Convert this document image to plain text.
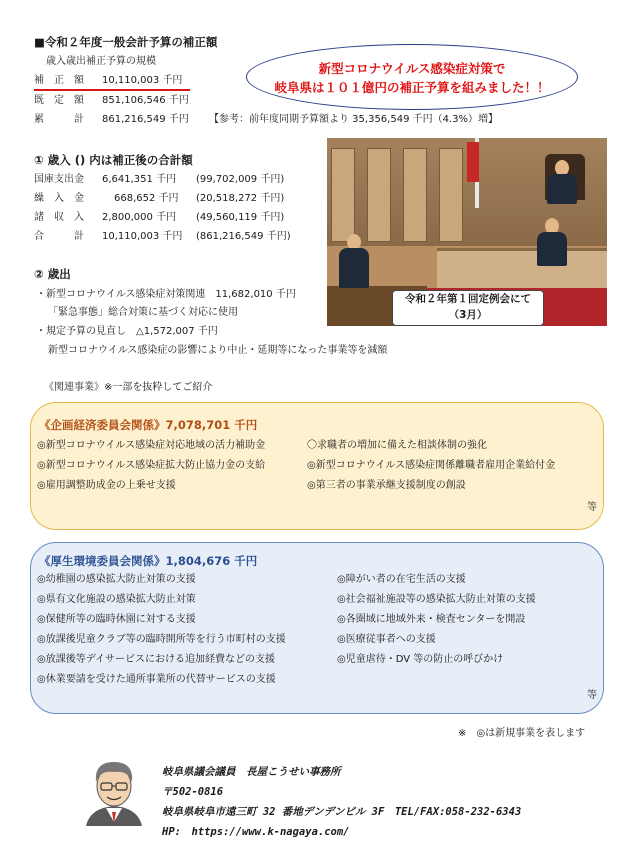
■令和２年度一般会計予算の補正額
歳入歳出補正予算の規模
補　正　額 10,110,003 千円
既　定　額 851,106,546 千円
累　　　計 861,216,549 千円 【参考：前年度同期予算額より 35,356,549 千円（4.3%）増】
新型コロナウイルス感染症対策で
岐阜県は１０１億円の補正予算を組みました！！
① 歳入 () 内は補正後の合計額
国庫支出金 6,641,351 千円 (99,702,009 千円)
繰　入　金	668,652 千円 (20,518,272 千円)
諸　収　入 2,800,000 千円 (49,560,119 千円)
合　　　計 10,110,003 千円 (861,216,549 千円)
② 歳出
・新型コロナウイルス感染症対策関連　11,682,010 千円
「緊急事態」総合対策に基づく対応に使用
・規定予算の見直し　△1,572,007 千円
新型コロナウイルス感染症の影響により中止・延期等になった事業等を減額
令和２年第１回定例会にて
（3月）
《関連事業》※一部を抜粋してご紹介
《企画経済委員会関係》7,078,701 千円
◎新型コロナウイルス感染症対応地域の活力補助金
◎新型コロナウイルス感染症拡大防止協力金の支給
◎雇用調整助成金の上乗せ支援
〇求職者の増加に備えた相談体制の強化
◎新型コロナウイルス感染症関係離職者雇用企業給付金
◎第三者の事業承継支援制度の創設
等
《厚生環境委員会関係》1,804,676 千円
◎幼稚園の感染拡大防止対策の支援
◎県有文化施設の感染拡大防止対策
◎保健所等の臨時休園に対する支援
◎放課後児童クラブ等の臨時開所等を行う市町村の支援
◎放課後等デイサービスにおける追加経費などの支援
◎休業要請を受けた通所事業所の代替サービスの支援
◎障がい者の在宅生活の支援
◎社会福祉施設等の感染拡大防止対策の支援
◎各圏域に地域外来・検査センターを開設
◎医療従事者への支援
◎児童虐待・DV 等の防止の呼びかけ
等
※　◎は新規事業を表します
岐阜県議会議員　長屋こうせい事務所
〒502-0816
岐阜県岐阜市遠三町 32 番地デンデンビル 3F　TEL/FAX:058-232-6343
HP:　https://www.k-nagaya.com/
